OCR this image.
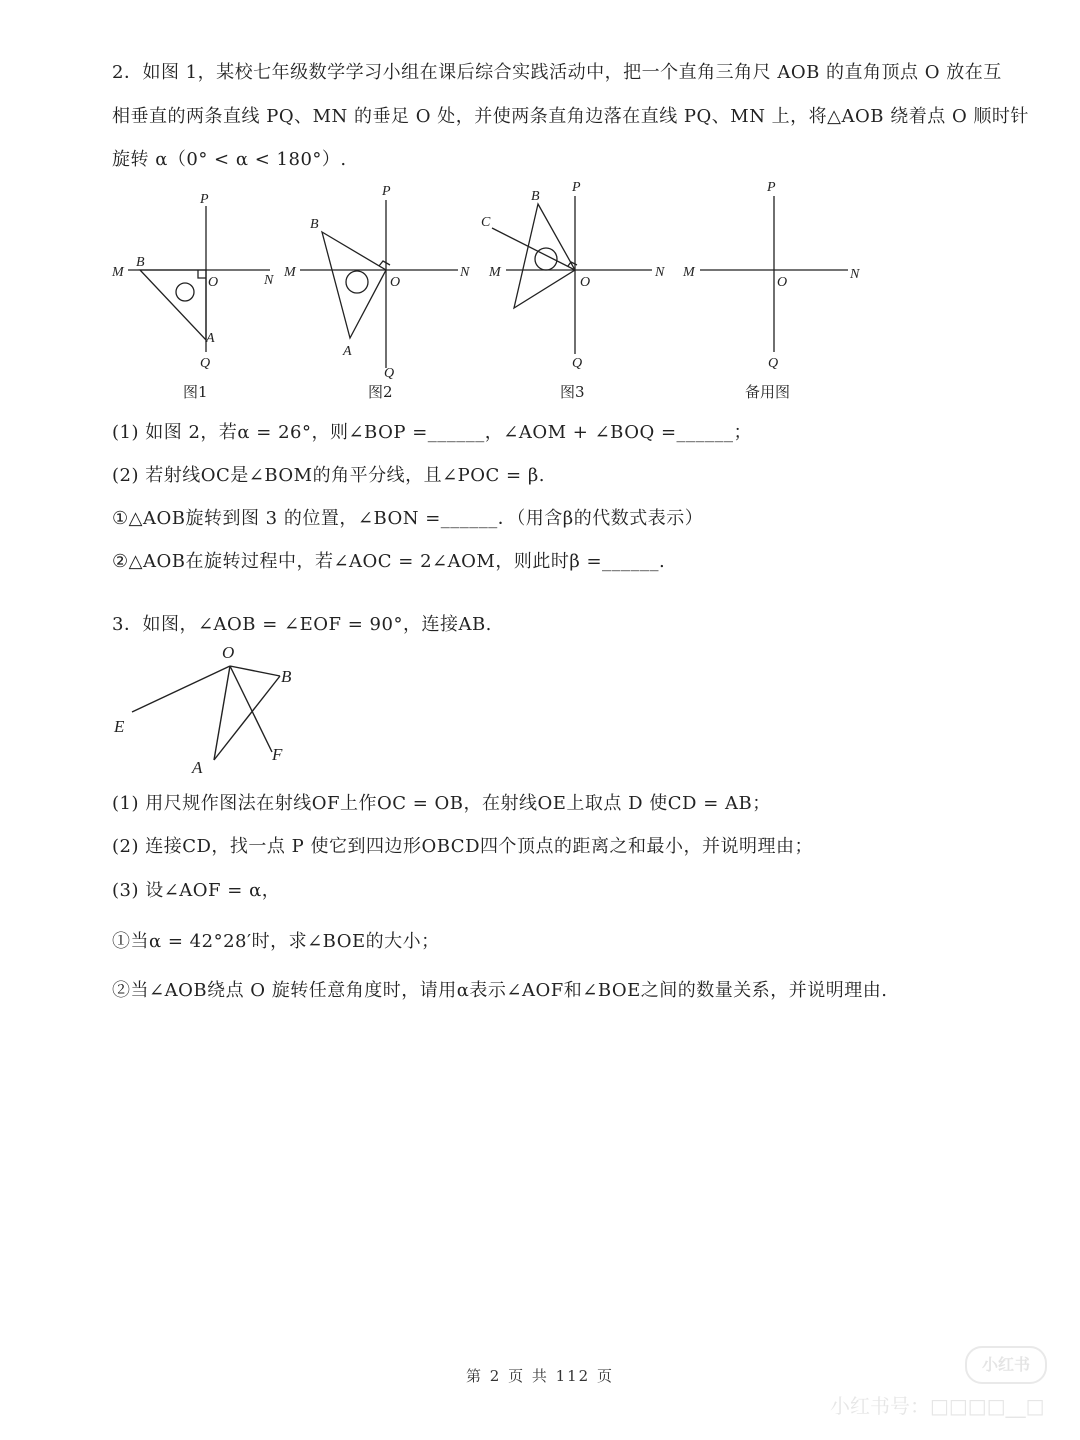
2．如图 1，某校七年级数学学习小组在课后综合实践活动中，把一个直角三角尺 AOB 的直角顶点 O 放在互
相垂直的两条直线 PQ、MN 的垂足 O 处，并使两条直角边落在直线 PQ、MN 上，将△AOB 绕着点 O 顺时针
旋转 α（0° < α < 180°）.
P
M
B
O	N
A
Q
P
B
M
O
N
A
Q
B
P
C
M
O
N
Q
P
M
O
N
Q
图1	图2	图3	备用图
(1) 如图 2，若α = 26°，则∠BOP =______，∠AOM + ∠BOQ =______；
(2) 若射线OC是∠BOM的角平分线，且∠POC = β.
①△AOB旋转到图 3 的位置，∠BON =______．（用含β的代数式表示）
②△AOB在旋转过程中，若∠AOC = 2∠AOM，则此时β =______.
3．如图，∠AOB = ∠EOF = 90°，连接AB.
O
B
E
A
F
(1) 用尺规作图法在射线OF上作OC = OB，在射线OE上取点 D 使CD = AB；
(2) 连接CD，找一点 P 使它到四边形OBCD四个顶点的距离之和最小，并说明理由；
(3) 设∠AOF = α，
①当α = 42°28′时，求∠BOE的大小；
②当∠AOB绕点 O 旋转任意角度时，请用α表示∠AOF和∠BOE之间的数量关系，并说明理由.
第 2 页 共 112 页
小红书
小红书号：□□□□__□
